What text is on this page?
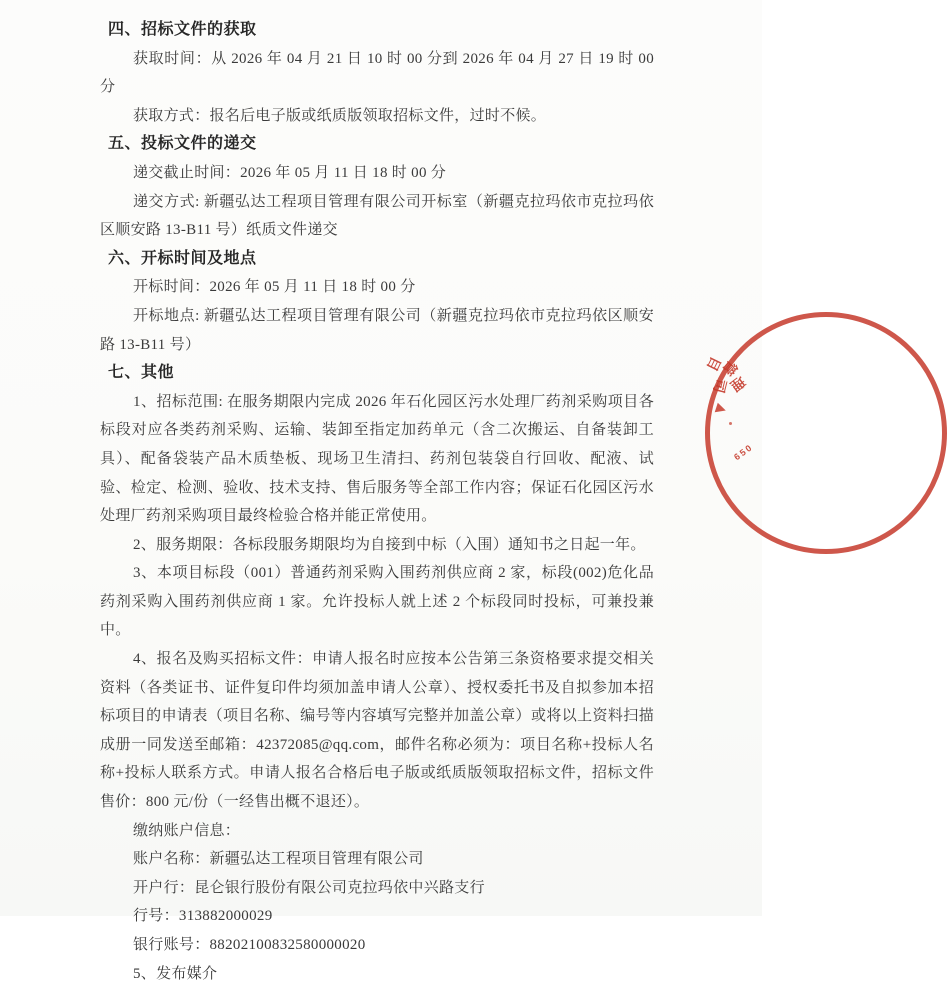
四、招标文件的获取

获取时间：从 2026 年 04 月 21 日 10 时 00 分到 2026 年 04 月 27 日 19 时 00 分

获取方式：报名后电子版或纸质版领取招标文件，过时不候。

五、投标文件的递交

递交截止时间：2026 年 05 月 11 日 18 时 00 分

递交方式: 新疆弘达工程项目管理有限公司开标室（新疆克拉玛依市克拉玛依区顺安路 13-B11 号）纸质文件递交

六、开标时间及地点

开标时间：2026 年 05 月 11 日 18 时 00 分

开标地点: 新疆弘达工程项目管理有限公司（新疆克拉玛依市克拉玛依区顺安路 13-B11 号）

七、其他

1、招标范围: 在服务期限内完成 2026 年石化园区污水处理厂药剂采购项目各标段对应各类药剂采购、运输、装卸至指定加药单元（含二次搬运、自备装卸工具）、配备袋装产品木质垫板、现场卫生清扫、药剂包装袋自行回收、配液、试验、检定、检测、验收、技术支持、售后服务等全部工作内容；保证石化园区污水处理厂药剂采购项目最终检验合格并能正常使用。

2、服务期限：各标段服务期限均为自接到中标（入围）通知书之日起一年。

3、本项目标段（001）普通药剂采购入围药剂供应商 2 家，标段(002)危化品药剂采购入围药剂供应商 1 家。允许投标人就上述 2 个标段同时投标，可兼投兼中。

4、报名及购买招标文件：申请人报名时应按本公告第三条资格要求提交相关资料（各类证书、证件复印件均须加盖申请人公章）、授权委托书及自拟参加本招标项目的申请表（项目名称、编号等内容填写完整并加盖公章）或将以上资料扫描成册一同发送至邮箱：42372085@qq.com，邮件名称必须为：项目名称+投标人名称+投标人联系方式。申请人报名合格后电子版或纸质版领取招标文件，招标文件售价：800 元/份（一经售出概不退还）。

缴纳账户信息：

账户名称：新疆弘达工程项目管理有限公司

开户行：昆仑银行股份有限公司克拉玛依中兴路支行

行号：313882000029

银行账号：88202100832580000020

5、发布媒介

目
管
理
司
650
